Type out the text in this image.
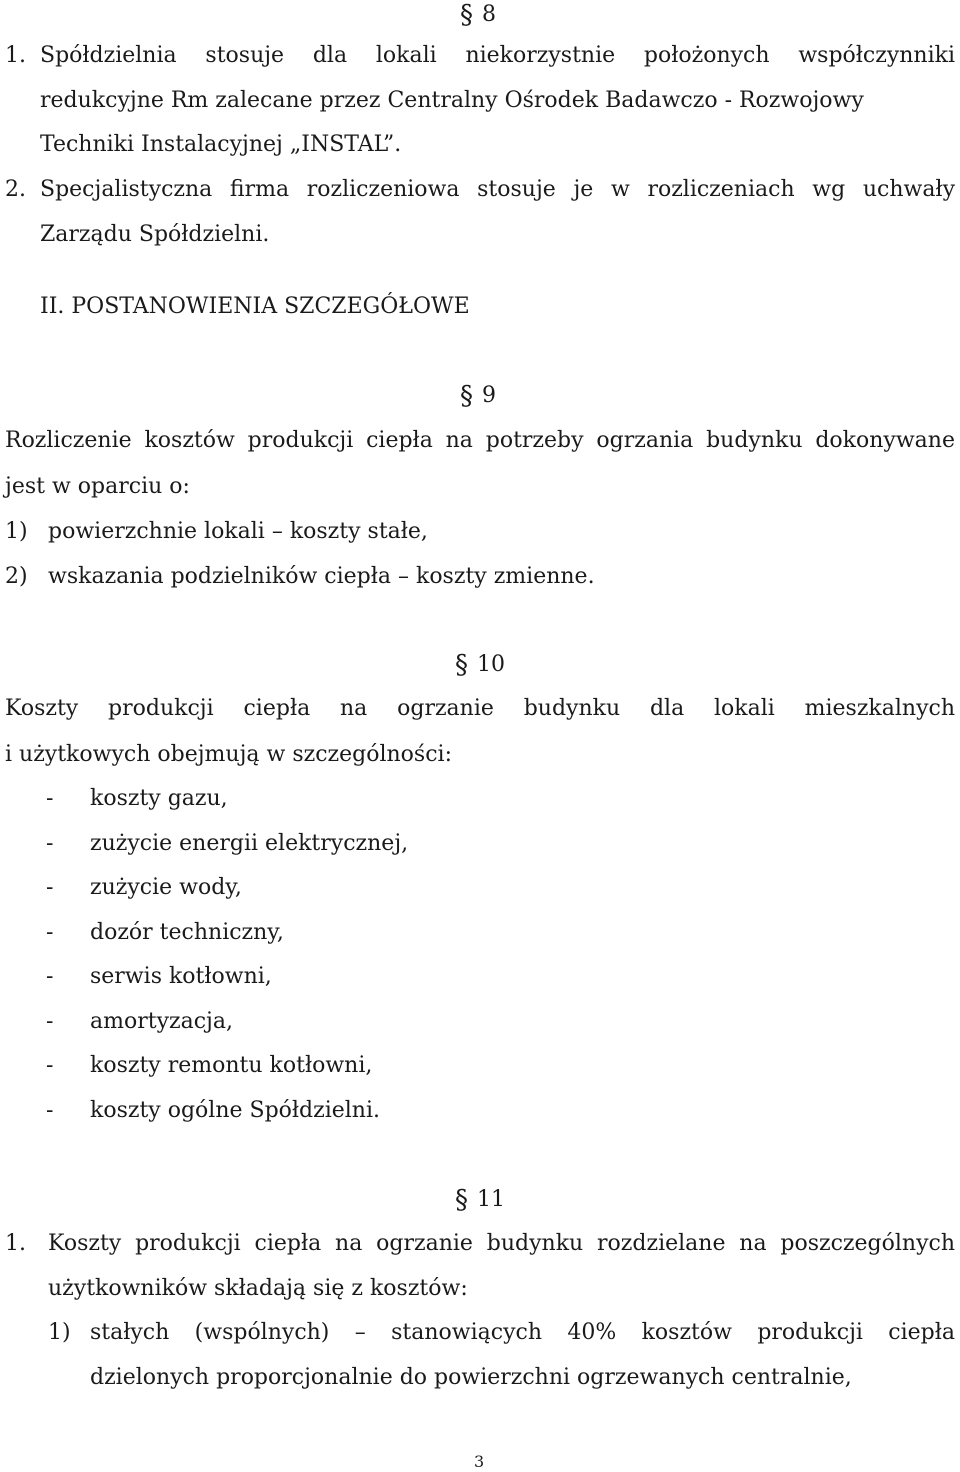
§ 8
1. Spółdzielnia stosuje dla lokali niekorzystnie położonych współczynniki

redukcyjne Rm zalecane przez Centralny Ośrodek Badawczo - Rozwojowy

Techniki Instalacyjnej „INSTAL”.

2. Specjalistyczna firma rozliczeniowa stosuje je w rozliczeniach wg uchwały

Zarządu Spółdzielni.

II. POSTANOWIENIA SZCZEGÓŁOWE

§ 9

Rozliczenie kosztów produkcji ciepła na potrzeby ogrzania budynku dokonywane

jest w oparciu o:

1) powierzchnie lokali – koszty stałe,

2) wskazania podzielników ciepła – koszty zmienne.

§ 10

Koszty produkcji ciepła na ogrzanie budynku dla lokali mieszkalnych

i użytkowych obejmują w szczególności:

- koszty gazu,

- zużycie energii elektrycznej,

- zużycie wody,

- dozór techniczny,

- serwis kotłowni,

- amortyzacja,

- koszty remontu kotłowni,

- koszty ogólne Spółdzielni.

§ 11
1. Koszty produkcji ciepła na ogrzanie budynku rozdzielane na poszczególnych

użytkowników składają się z kosztów:

1) stałych (wspólnych) – stanowiących 40% kosztów produkcji ciepła

dzielonych proporcjonalnie do powierzchni ogrzewanych centralnie,

3
